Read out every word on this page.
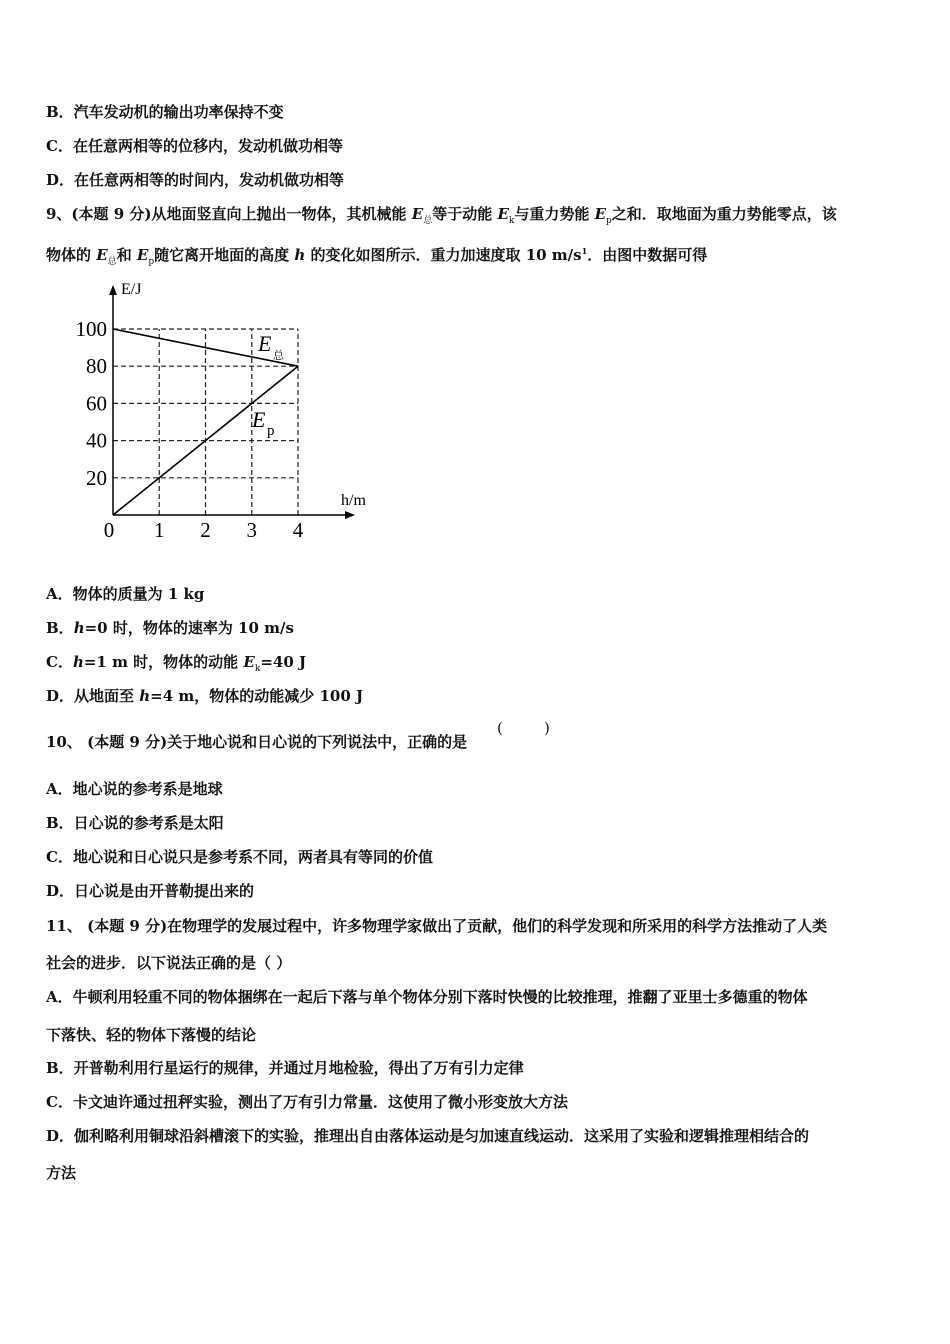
B．汽车发动机的输出功率保持不变
C．在任意两相等的位移内，发动机做功相等
D．在任意两相等的时间内，发动机做功相等
9、(本题 9 分)从地面竖直向上抛出一物体，其机械能 $E_总$等于动能 $E_k$与重力势能 $E_p$之和．取地面为重力势能零点，该
物体的 $E_总$和 $E_p$随它离开地面的高度 h 的变化如图所示．重力加速度取 10 $m/s^1$．由图中数据可得
h/m
E/J
0 1 2 3 4
20
40
60
80
100
E 总
E p
A．物体的质量为 1 kg
B．h=0 时，物体的速率为 10 m/s
C．h=1 m 时，物体的动能 $E_k=40$ J
D．从地面至 h=4 m，物体的动能减少 100 J
10、 (本题 9 分)关于地心说和日心说的下列说法中，正确的是
(	)
A．地心说的参考系是地球
B．日心说的参考系是太阳
C．地心说和日心说只是参考系不同，两者具有等同的价值
D．日心说是由开普勒提出来的
11、 (本题 9 分)在物理学的发展过程中，许多物理学家做出了贡献，他们的科学发现和所采用的科学方法推动了人类
社会的进步．以下说法正确的是（ ）
A．牛顿利用轻重不同的物体捆绑在一起后下落与单个物体分别下落时快慢的比较推理，推翻了亚里士多德重的物体
下落快、轻的物体下落慢的结论
B．开普勒利用行星运行的规律，并通过月地检验，得出了万有引力定律
C．卡文迪许通过扭秤实验，测出了万有引力常量．这使用了微小形变放大方法
D．伽利略利用铜球沿斜槽滚下的实验，推理出自由落体运动是匀加速直线运动．这采用了实验和逻辑推理相结合的
方法
